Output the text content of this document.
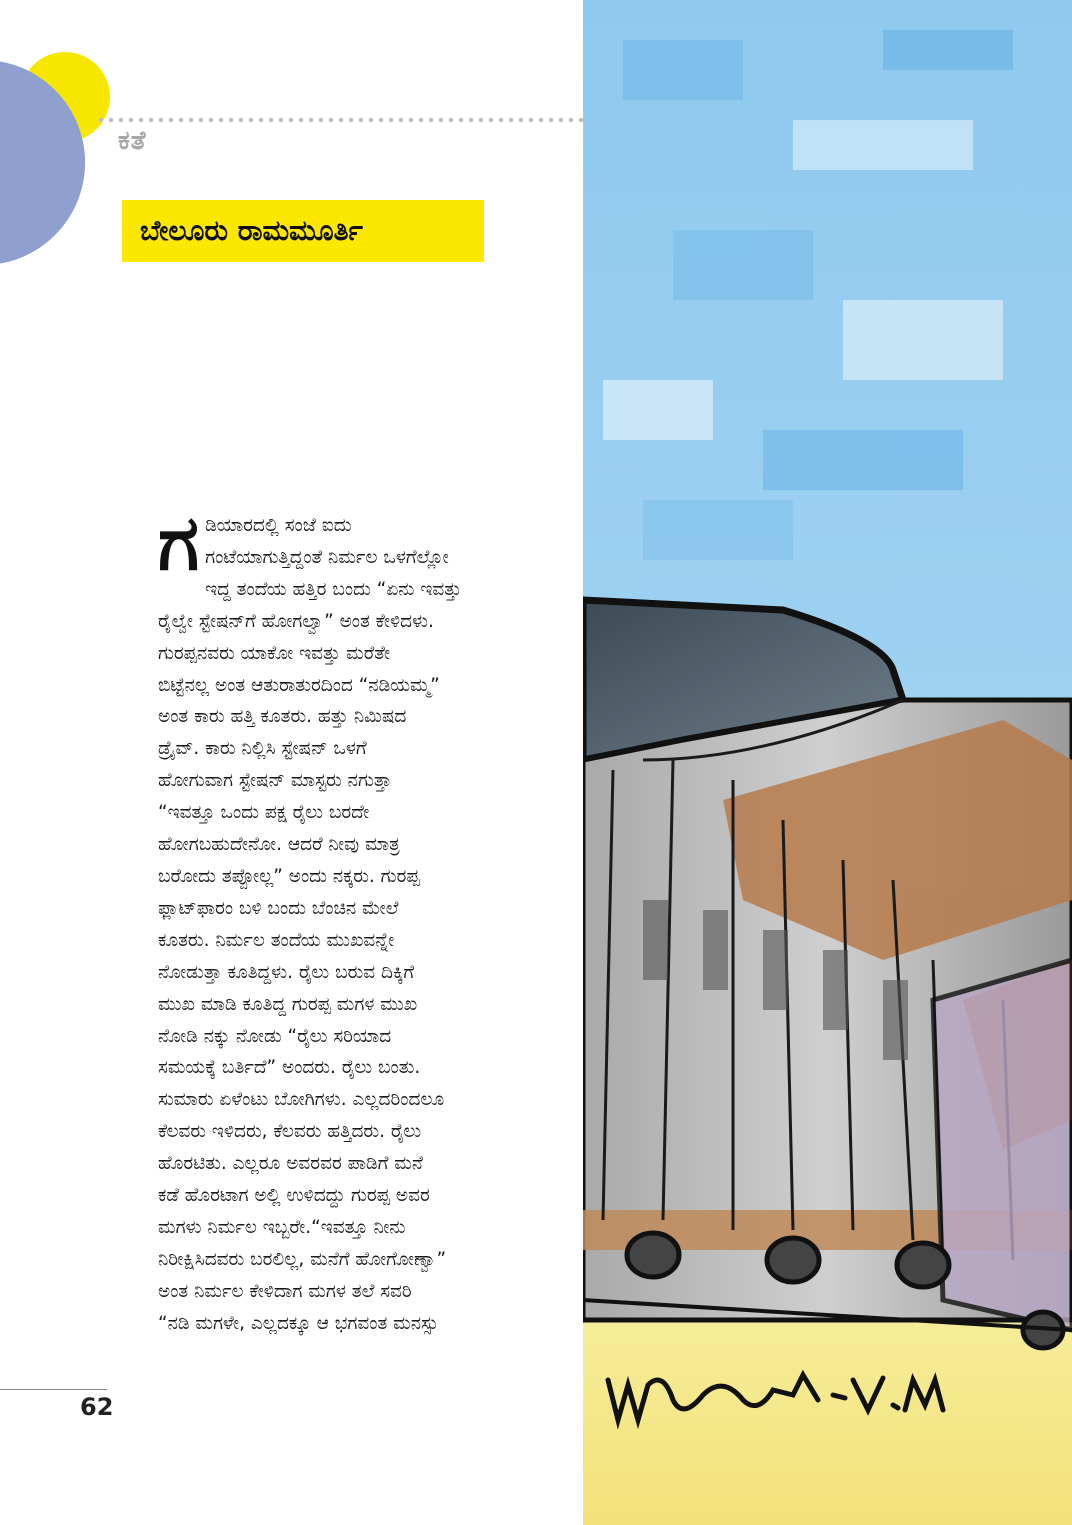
ಕತೆ
ಬೇಲೂರು ರಾಮಮೂರ್ತಿ
ಗ ಡಿಯಾರದಲ್ಲಿ ಸಂಜೆ ಐದು
ಗಂಟೆಯಾಗುತ್ತಿದ್ದಂತೆ ನಿರ್ಮಲ ಒಳಗೆಲ್ಲೋ
ಇದ್ದ ತಂದೆಯ ಹತ್ತಿರ ಬಂದು “ಏನು ಇವತ್ತು
ರೈಲ್ವೇ ಸ್ಟೇಷನ್‌ಗೆ ಹೋಗಲ್ವಾ” ಅಂತ ಕೇಳಿದಳು.
ಗುರಪ್ಪನವರು ಯಾಕೋ ಇವತ್ತು ಮರೆತೇ
ಬಿಟ್ಟೆನಲ್ಲ ಅಂತ ಆತುರಾತುರದಿಂದ “ನಡಿಯಮ್ಮ”
ಅಂತ ಕಾರು ಹತ್ತಿ ಕೂತರು. ಹತ್ತು ನಿಮಿಷದ
ಡ್ರೈವ್. ಕಾರು ನಿಲ್ಲಿಸಿ ಸ್ಟೇಷನ್ ಒಳಗೆ
ಹೋಗುವಾಗ ಸ್ಟೇಷನ್ ಮಾಸ್ಟರು ನಗುತ್ತಾ
“ಇವತ್ತೂ ಒಂದು ಪಕ್ಷ ರೈಲು ಬರದೇ
ಹೋಗಬಹುದೇನೋ. ಆದರೆ ನೀವು ಮಾತ್ರ
ಬರೋದು ತಪ್ಪೋಲ್ಲ” ಅಂದು ನಕ್ಕರು. ಗುರಪ್ಪ
ಫ್ಲಾಟ್‌ಫಾರಂ ಬಳಿ ಬಂದು ಬೆಂಚಿನ ಮೇಲೆ
ಕೂತರು. ನಿರ್ಮಲ ತಂದೆಯ ಮುಖವನ್ನೇ
ನೋಡುತ್ತಾ ಕೂತಿದ್ದಳು. ರೈಲು ಬರುವ ದಿಕ್ಕಿಗೆ
ಮುಖ ಮಾಡಿ ಕೂತಿದ್ದ ಗುರಪ್ಪ ಮಗಳ ಮುಖ
ನೋಡಿ ನಕ್ಕು ನೋಡು “ರೈಲು ಸರಿಯಾದ
ಸಮಯಕ್ಕೆ ಬರ್ತಿದೆ” ಅಂದರು. ರೈಲು ಬಂತು.
ಸುಮಾರು ಏಳೆಂಟು ಬೋಗಿಗಳು. ಎಲ್ಲದರಿಂದಲೂ
ಕೆಲವರು ಇಳಿದರು, ಕೆಲವರು ಹತ್ತಿದರು. ರೈಲು
ಹೊರಟಿತು. ಎಲ್ಲರೂ ಅವರವರ ಪಾಡಿಗೆ ಮನೆ
ಕಡೆ ಹೊರಟಾಗ ಅಲ್ಲಿ ಉಳಿದದ್ದು ಗುರಪ್ಪ ಅವರ
ಮಗಳು ನಿರ್ಮಲ ಇಬ್ಬರೇ.“ಇವತ್ತೂ ನೀನು
ನಿರೀಕ್ಷಿಸಿದವರು ಬರಲಿಲ್ಲ, ಮನೆಗೆ ಹೋಗೋಣ್ವಾ”
ಅಂತ ನಿರ್ಮಲ ಕೇಳಿದಾಗ ಮಗಳ ತಲೆ ಸವರಿ
“ನಡಿ ಮಗಳೇ, ಎಲ್ಲದಕ್ಕೂ ಆ ಭಗವಂತ ಮನಸ್ಸು
62
